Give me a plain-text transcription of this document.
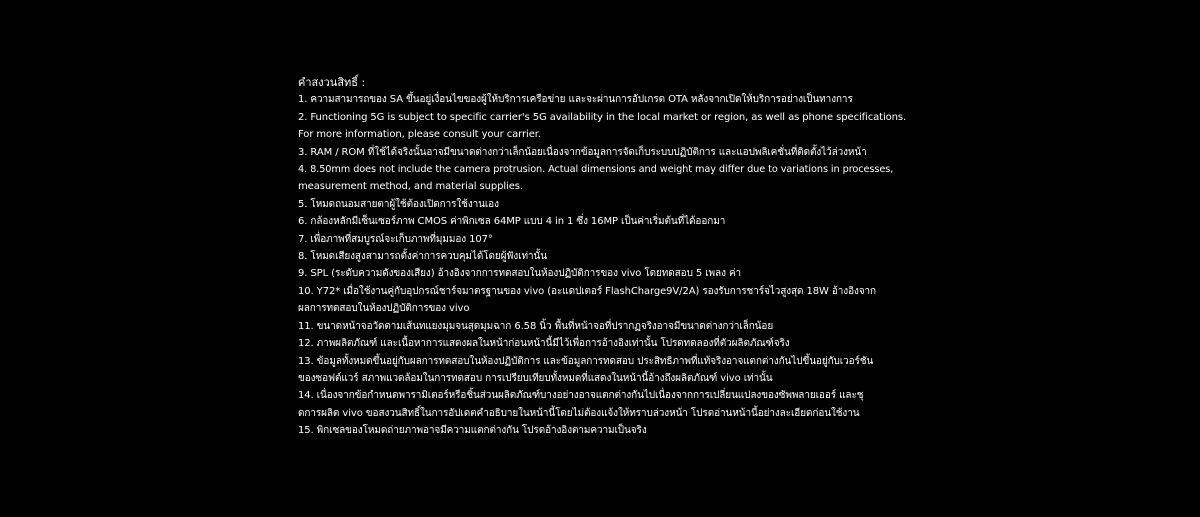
คำสงวนสิทธิ์ :

1. ความสามารถของ SA ขึ้นอยู่เงื่อนไขของผู้ให้บริการเครือข่าย และจะผ่านการอัปเกรด OTA หลังจากเปิดให้บริการอย่างเป็นทางการ

2. Functioning 5G is subject to specific carrier's 5G availability in the local market or region, as well as phone specifications.

For more information, please consult your carrier.

3. RAM / ROM ที่ใช้ได้จริงนั้นอาจมีขนาดต่างกว่าเล็กน้อยเนื่องจากข้อมูลการจัดเก็บระบบปฏิบัติการ และแอปพลิเคชั่นที่ติดตั้งไว้ล่วงหน้า

4. 8.50mm does not include the camera protrusion. Actual dimensions and weight may differ due to variations in processes,

measurement method, and material supplies.

5. โหมดถนอมสายตาผู้ใช้ต้องเปิดการใช้งานเอง

6. กล้องหลักมีเซ็นเซอร์ภาพ CMOS ค่าพิกเซล 64MP แบบ 4 in 1 ซึ่ง 16MP เป็นค่าเริ่มต้นที่ได้ออกมา

7. เพื่อภาพที่สมบูรณ์จะเก็บภาพที่มุมมอง 107°

8. โหมดเสียงสูงสามารถตั้งค่าการควบคุมได้โดยผู้ฟังเท่านั้น

9. SPL (ระดับความดังของเสียง) อ้างอิงจากการทดสอบในห้องปฏิบัติการของ vivo โดยทดสอบ 5 เพลง ค่า

10. Y72* เมื่อใช้งานคู่กับอุปกรณ์ชาร์จมาตรฐานของ vivo (อะแดปเตอร์ FlashCharge9V/2A) รองรับการชาร์จไวสูงสุด 18W อ้างอิงจาก

ผลการทดสอบในห้องปฏิบัติการของ vivo

11. ขนาดหน้าจอวัดตามเส้นทแยงมุมจนสุดมุมฉาก 6.58 นิ้ว พื้นที่หน้าจอที่ปรากฏจริงอาจมีขนาดต่างกว่าเล็กน้อย

12. ภาพผลิตภัณฑ์ และเนื้อหาการแสดงผลในหน้าก่อนหน้านี้มีไว้เพื่อการอ้างอิงเท่านั้น โปรดทดลองที่ตัวผลิตภัณฑ์จริง

13. ข้อมูลทั้งหมดขึ้นอยู่กับผลการทดสอบในห้องปฏิบัติการ และข้อมูลการทดสอบ ประสิทธิภาพที่แท้จริงอาจแตกต่างกันไปขึ้นอยู่กับเวอร์ชัน

ของซอฟต์แวร์ สภาพแวดล้อมในการทดสอบ การเปรียบเทียบทั้งหมดที่แสดงในหน้านี้อ้างถึงผลิตภัณฑ์ vivo เท่านั้น

14. เนื่องจากข้อกำหนดพารามิเตอร์หรือชิ้นส่วนผลิตภัณฑ์บางอย่างอาจแตกต่างกันไปเนื่องจากการเปลี่ยนแปลงของซัพพลายเออร์ และชุ

ดการผลิต vivo ขอสงวนสิทธิ์ในการอัปเดตคำอธิบายในหน้านี้โดยไม่ต้องแจ้งให้ทราบล่วงหน้า โปรดอ่านหน้านี้อย่างละเอียดก่อนใช้งาน

15. พิกเซลของโหมดถ่ายภาพอาจมีความแตกต่างกัน โปรดอ้างอิงตามความเป็นจริง
